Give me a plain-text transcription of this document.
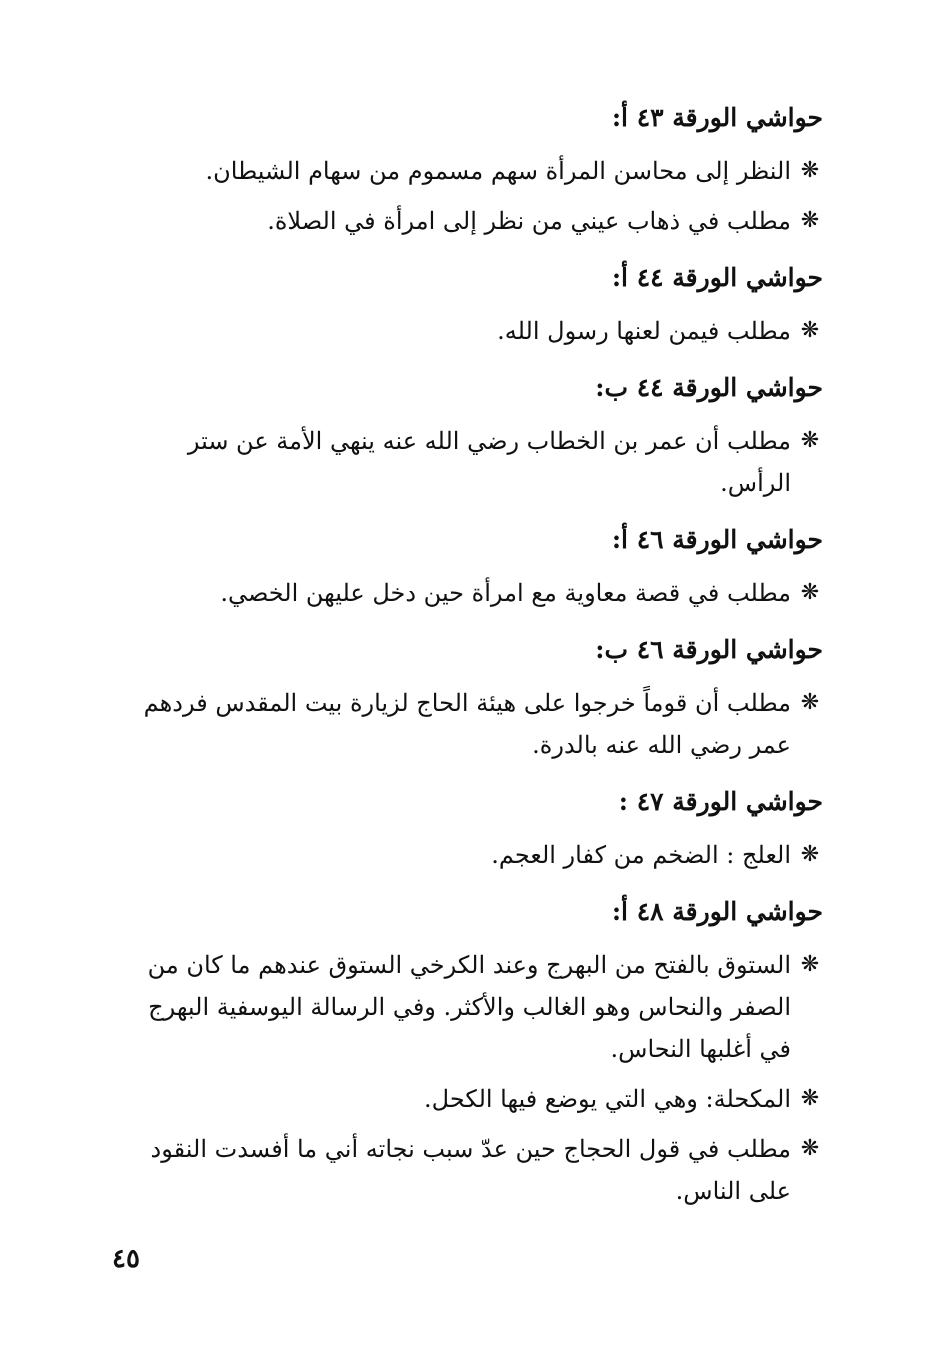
حواشي الورقة ٤٣ أ:
❋
النظر إلى محاسن المرأة سهم مسموم من سهام الشيطان.
❋
مطلب في ذهاب عيني من نظر إلى امرأة في الصلاة.
حواشي الورقة ٤٤ أ:
❋
مطلب فيمن لعنها رسول الله.
حواشي الورقة ٤٤ ب:
❋
مطلب أن عمر بن الخطاب رضي الله عنه ينهي الأمة عن ستر الرأس.
حواشي الورقة ٤٦ أ:
❋
مطلب في قصة معاوية مع امرأة حين دخل عليهن الخصي.
حواشي الورقة ٤٦ ب:
❋
مطلب أن قوماً خرجوا على هيئة الحاج لزيارة بيت المقدس فردهم عمر رضي الله عنه بالدرة.
حواشي الورقة ٤٧ :
❋
العلج : الضخم من كفار العجم.
حواشي الورقة ٤٨ أ:
❋
الستوق بالفتح من البهرج وعند الكرخي الستوق عندهم ما كان من الصفر والنحاس وهو الغالب والأكثر. وفي الرسالة اليوسفية البهرج في أغلبها النحاس.
❋
المكحلة: وهي التي يوضع فيها الكحل.
❋
مطلب في قول الحجاج حين عدّ سبب نجاته أني ما أفسدت النقود على الناس.
٤٥
